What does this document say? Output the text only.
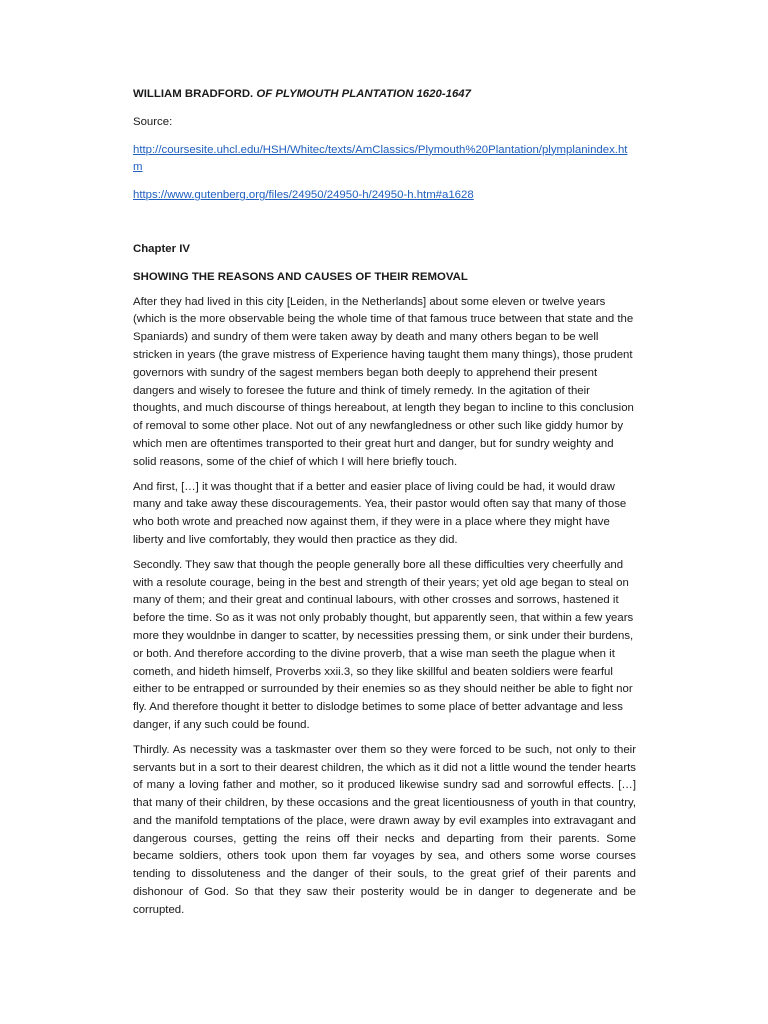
WILLIAM BRADFORD. OF PLYMOUTH PLANTATION 1620-1647

Source:

http://coursesite.uhcl.edu/HSH/Whitec/texts/AmClassics/Plymouth%20Plantation/plymplanindex.htm
https://www.gutenberg.org/files/24950/24950-h/24950-h.htm#a1628

Chapter IV

SHOWING THE REASONS AND CAUSES OF THEIR REMOVAL

After they had lived in this city [Leiden, in the Netherlands] about some eleven or twelve years (which is the more observable being the whole time of that famous truce between that state and the Spaniards) and sundry of them were taken away by death and many others began to be well stricken in years (the grave mistress of Experience having taught them many things), those prudent governors with sundry of the sagest members began both deeply to apprehend their present dangers and wisely to foresee the future and think of timely remedy. In the agitation of their thoughts, and much discourse of things hereabout, at length they began to incline to this conclusion of removal to some other place. Not out of any newfangledness or other such like giddy humor by which men are oftentimes transported to their great hurt and danger, but for sundry weighty and solid reasons, some of the chief of which I will here briefly touch.

And first, […] it was thought that if a better and easier place of living could be had, it would draw many and take away these discouragements. Yea, their pastor would often say that many of those who both wrote and preached now against them, if they were in a place where they might have liberty and live comfortably, they would then practice as they did.

Secondly. They saw that though the people generally bore all these difficulties very cheerfully and with a resolute courage, being in the best and strength of their years; yet old age began to steal on many of them; and their great and continual labours, with other crosses and sorrows, hastened it before the time. So as it was not only probably thought, but apparently seen, that within a few years more they wouldnbe in danger to scatter, by necessities pressing them, or sink under their burdens, or both. And therefore according to the divine proverb, that a wise man seeth the plague when it cometh, and hideth himself, Proverbs xxii.3, so they like skillful and beaten soldiers were fearful either to be entrapped or surrounded by their enemies so as they should neither be able to fight nor fly. And therefore thought it better to dislodge betimes to some place of better advantage and less danger, if any such could be found.

Thirdly. As necessity was a taskmaster over them so they were forced to be such, not only to their servants but in a sort to their dearest children, the which as it did not a little wound the tender hearts of many a loving father and mother, so it produced likewise sundry sad and sorrowful effects. […] that many of their children, by these occasions and the great licentiousness of youth in that country, and the manifold temptations of the place, were drawn away by evil examples into extravagant and dangerous courses, getting the reins off their necks and departing from their parents. Some became soldiers, others took upon them far voyages by sea, and others some worse courses tending to dissoluteness and the danger of their souls, to the great grief of their parents and dishonour of God. So that they saw their posterity would be in danger to degenerate and be corrupted.
